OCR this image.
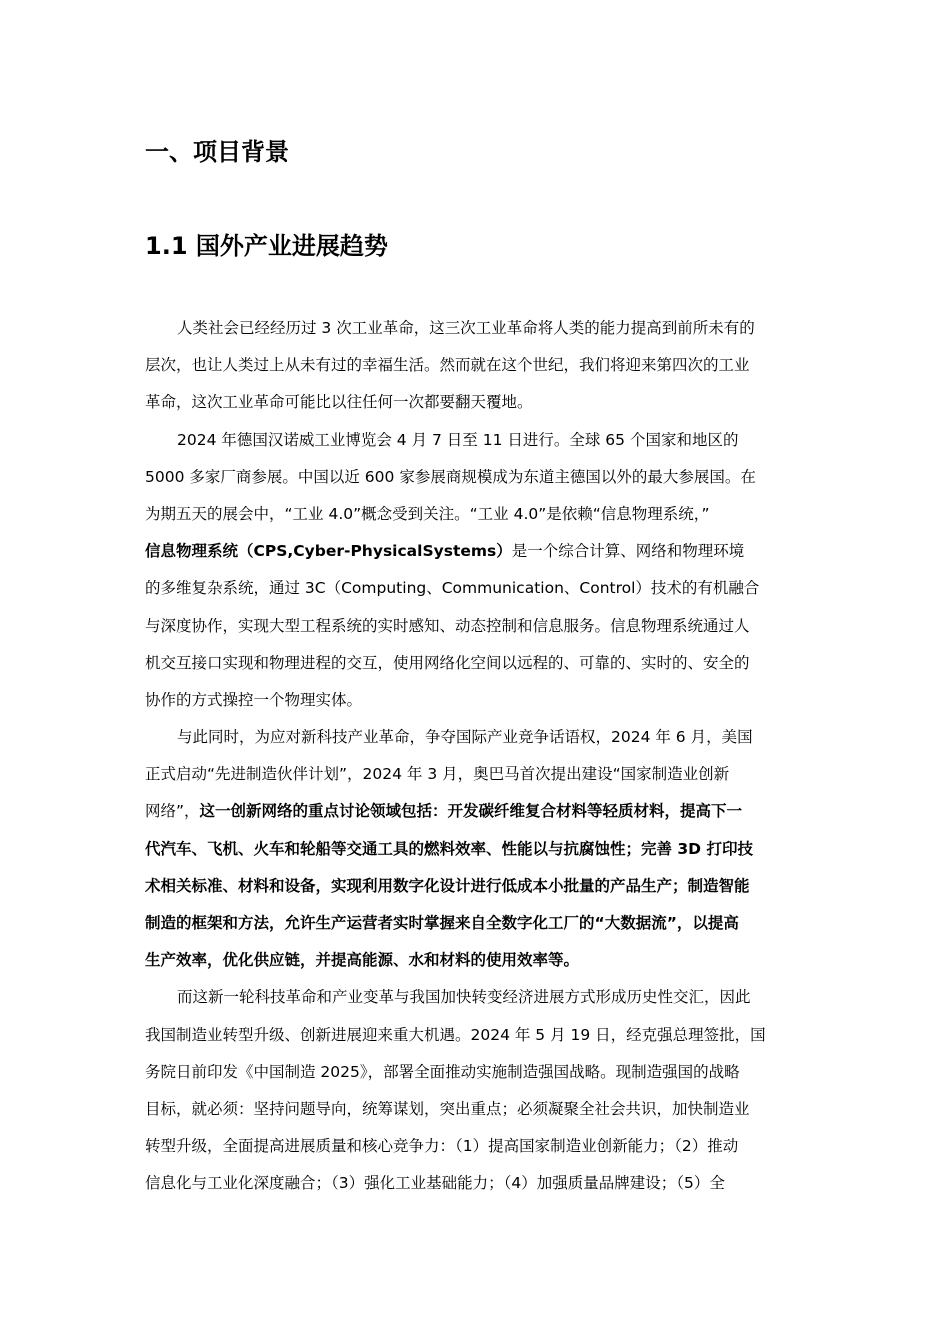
一、项目背景
1.1 国外产业进展趋势
人类社会已经经历过 3 次工业革命，这三次工业革命将人类的能力提高到前所未有的
层次，也让人类过上从未有过的幸福生活。然而就在这个世纪，我们将迎来第四次的工业
革命，这次工业革命可能比以往任何一次都要翻天覆地。
2024 年德国汉诺威工业博览会 4 月 7 日至 11 日进行。全球 65 个国家和地区的
5000 多家厂商参展。中国以近 600 家参展商规模成为东道主德国以外的最大参展国。在
为期五天的展会中，“工业 4.0”概念受到关注。“工业 4.0”是依赖“信息物理系统，”
信息物理系统（CPS,Cyber-PhysicalSystems）是一个综合计算、网络和物理环境
的多维复杂系统，通过 3C（Computing、Communication、Control）技术的有机融合
与深度协作，实现大型工程系统的实时感知、动态控制和信息服务。信息物理系统通过人
机交互接口实现和物理进程的交互，使用网络化空间以远程的、可靠的、实时的、安全的
协作的方式操控一个物理实体。
与此同时，为应对新科技产业革命，争夺国际产业竞争话语权，2024 年 6 月，美国
正式启动“先进制造伙伴计划”，2024 年 3 月，奥巴马首次提出建设“国家制造业创新
网络”，这一创新网络的重点讨论领域包括：开发碳纤维复合材料等轻质材料，提高下一
代汽车、飞机、火车和轮船等交通工具的燃料效率、性能以与抗腐蚀性；完善 3D 打印技
术相关标准、材料和设备，实现利用数字化设计进行低成本小批量的产品生产；制造智能
制造的框架和方法，允许生产运营者实时掌握来自全数字化工厂的“大数据流”，以提高
生产效率，优化供应链，并提高能源、水和材料的使用效率等。
而这新一轮科技革命和产业变革与我国加快转变经济进展方式形成历史性交汇，因此
我国制造业转型升级、创新进展迎来重大机遇。2024 年 5 月 19 日，经克强总理签批，国
务院日前印发《中国制造 2025》，部署全面推动实施制造强国战略。现制造强国的战略
目标，就必须：坚持问题导向，统筹谋划，突出重点；必须凝聚全社会共识，加快制造业
转型升级，全面提高进展质量和核心竞争力：（1）提高国家制造业创新能力；（2）推动
信息化与工业化深度融合；（3）强化工业基础能力；（4）加强质量品牌建设；（5）全
